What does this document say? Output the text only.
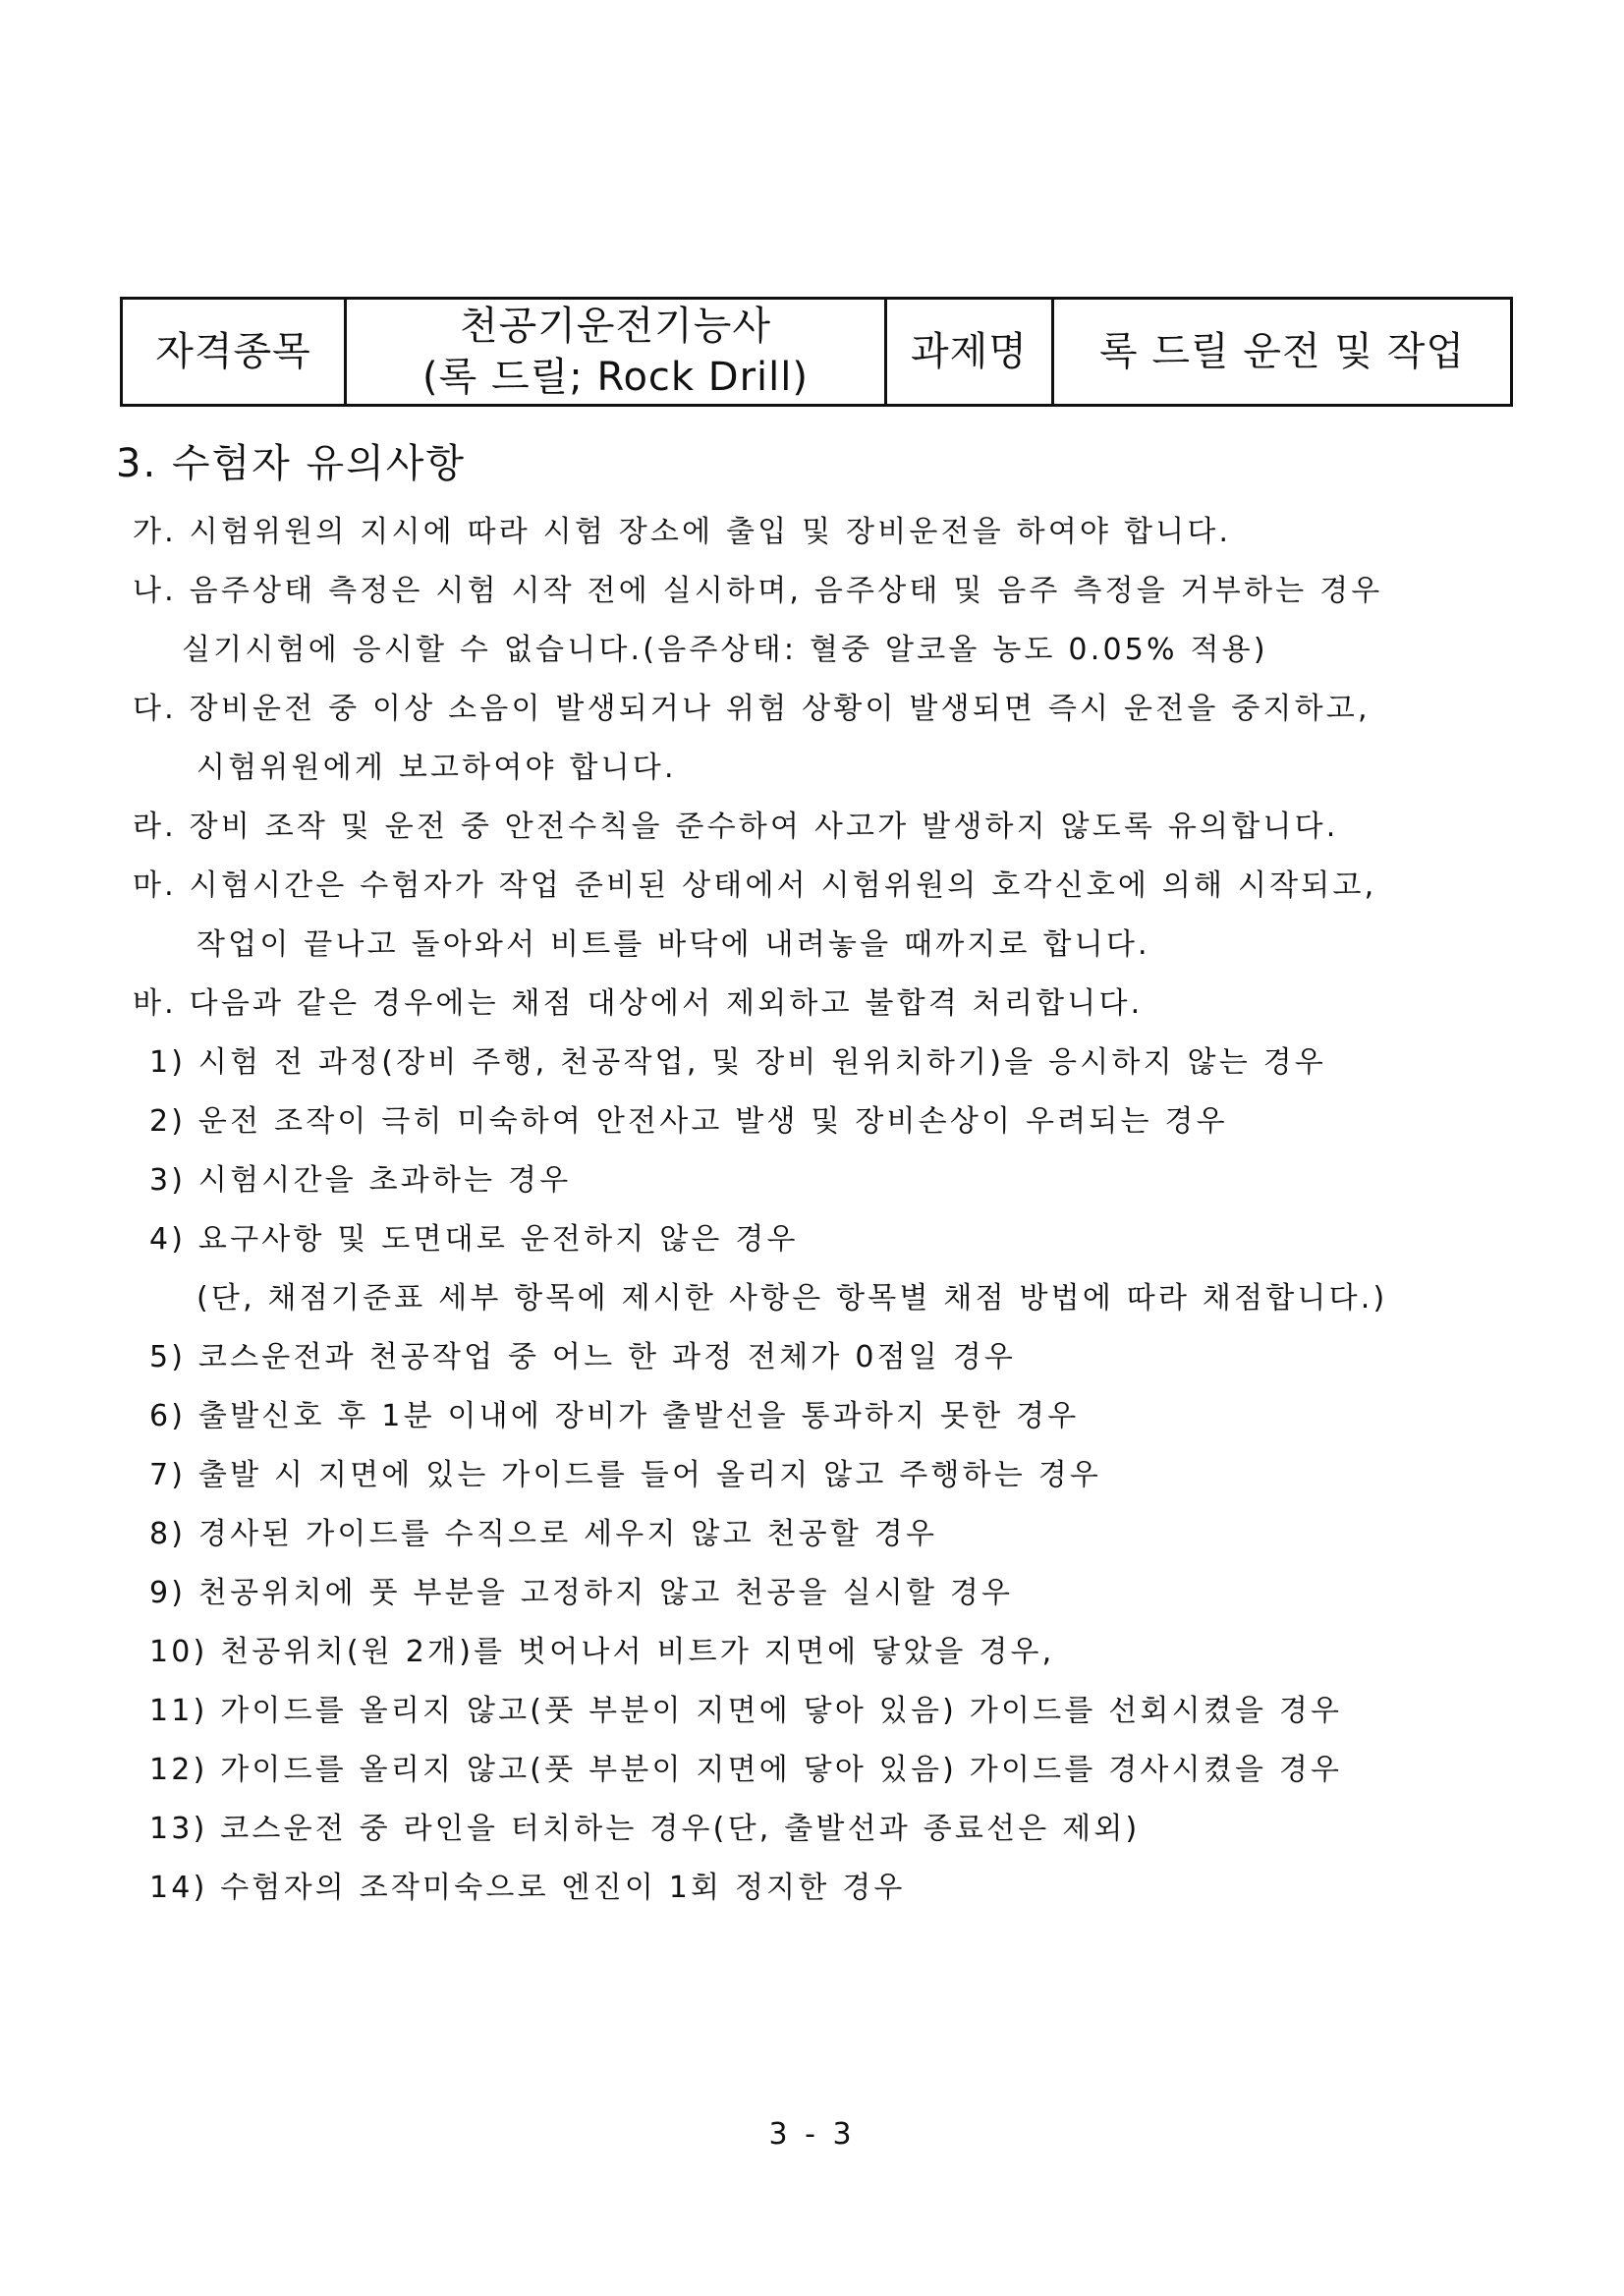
자격종목
천공기운전기능사
(록 드릴; Rock Drill)
과제명 록 드릴 운전 및 작업
3. 수험자 유의사항
가. 시험위원의 지시에 따라 시험 장소에 출입 및 장비운전을 하여야 합니다.
나. 음주상태 측정은 시험 시작 전에 실시하며, 음주상태 및 음주 측정을 거부하는 경우
실기시험에 응시할 수 없습니다.(음주상태: 혈중 알코올 농도 0.05% 적용)
다. 장비운전 중 이상 소음이 발생되거나 위험 상황이 발생되면 즉시 운전을 중지하고,
시험위원에게 보고하여야 합니다.
라. 장비 조작 및 운전 중 안전수칙을 준수하여 사고가 발생하지 않도록 유의합니다.
마. 시험시간은 수험자가 작업 준비된 상태에서 시험위원의 호각신호에 의해 시작되고,
작업이 끝나고 돌아와서 비트를 바닥에 내려놓을 때까지로 합니다.
바. 다음과 같은 경우에는 채점 대상에서 제외하고 불합격 처리합니다.
1) 시험 전 과정(장비 주행, 천공작업, 및 장비 원위치하기)을 응시하지 않는 경우
2) 운전 조작이 극히 미숙하여 안전사고 발생 및 장비손상이 우려되는 경우
3) 시험시간을 초과하는 경우
4) 요구사항 및 도면대로 운전하지 않은 경우
(단, 채점기준표 세부 항목에 제시한 사항은 항목별 채점 방법에 따라 채점합니다.)
5) 코스운전과 천공작업 중 어느 한 과정 전체가 0점일 경우
6) 출발신호 후 1분 이내에 장비가 출발선을 통과하지 못한 경우
7) 출발 시 지면에 있는 가이드를 들어 올리지 않고 주행하는 경우
8) 경사된 가이드를 수직으로 세우지 않고 천공할 경우
9) 천공위치에 풋 부분을 고정하지 않고 천공을 실시할 경우
10) 천공위치(원 2개)를 벗어나서 비트가 지면에 닿았을 경우,
11) 가이드를 올리지 않고(풋 부분이 지면에 닿아 있음) 가이드를 선회시켰을 경우
12) 가이드를 올리지 않고(풋 부분이 지면에 닿아 있음) 가이드를 경사시켰을 경우
13) 코스운전 중 라인을 터치하는 경우(단, 출발선과 종료선은 제외)
14) 수험자의 조작미숙으로 엔진이 1회 정지한 경우
3 - 3
